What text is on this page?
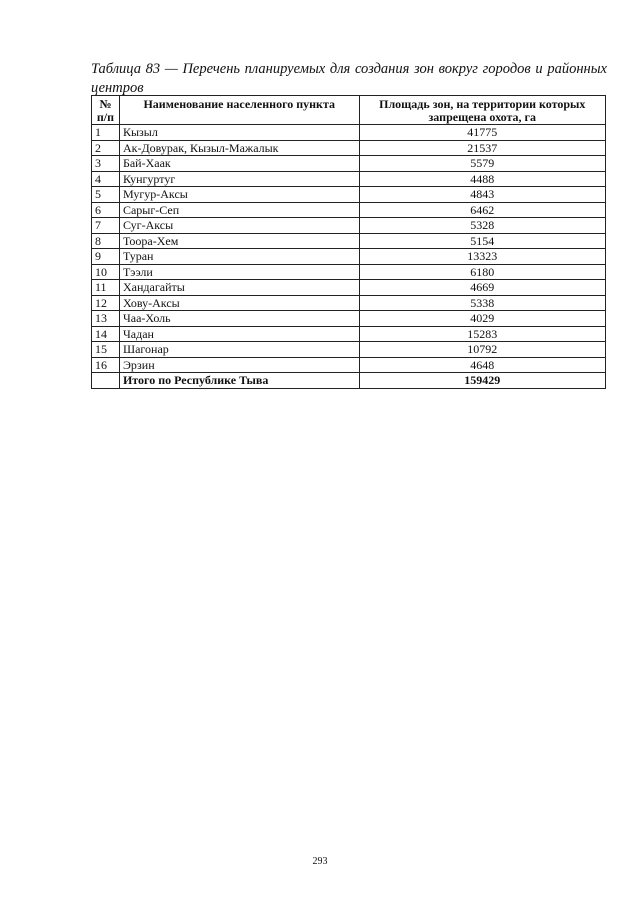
Таблица 83 — Перечень планируемых для создания зон вокруг городов и районных центров
№ п/п	Наименование населенного пункта	Площадь зон, на территории которых запрещена охота, га
1	Кызыл	41775
2	Ак-Довурак, Кызыл-Мажалык	21537
3	Бай-Хаак	5579
4	Кунгуртуг	4488
5	Мугур-Аксы	4843
6	Сарыг-Сеп	6462
7	Суг-Аксы	5328
8	Тоора-Хем	5154
9	Туран	13323
10	Тээли	6180
11	Хандагайты	4669
12	Хову-Аксы	5338
13	Чаа-Холь	4029
14	Чадан	15283
15	Шагонар	10792
16	Эрзин	4648
	Итого по Республике Тыва	159429
293
